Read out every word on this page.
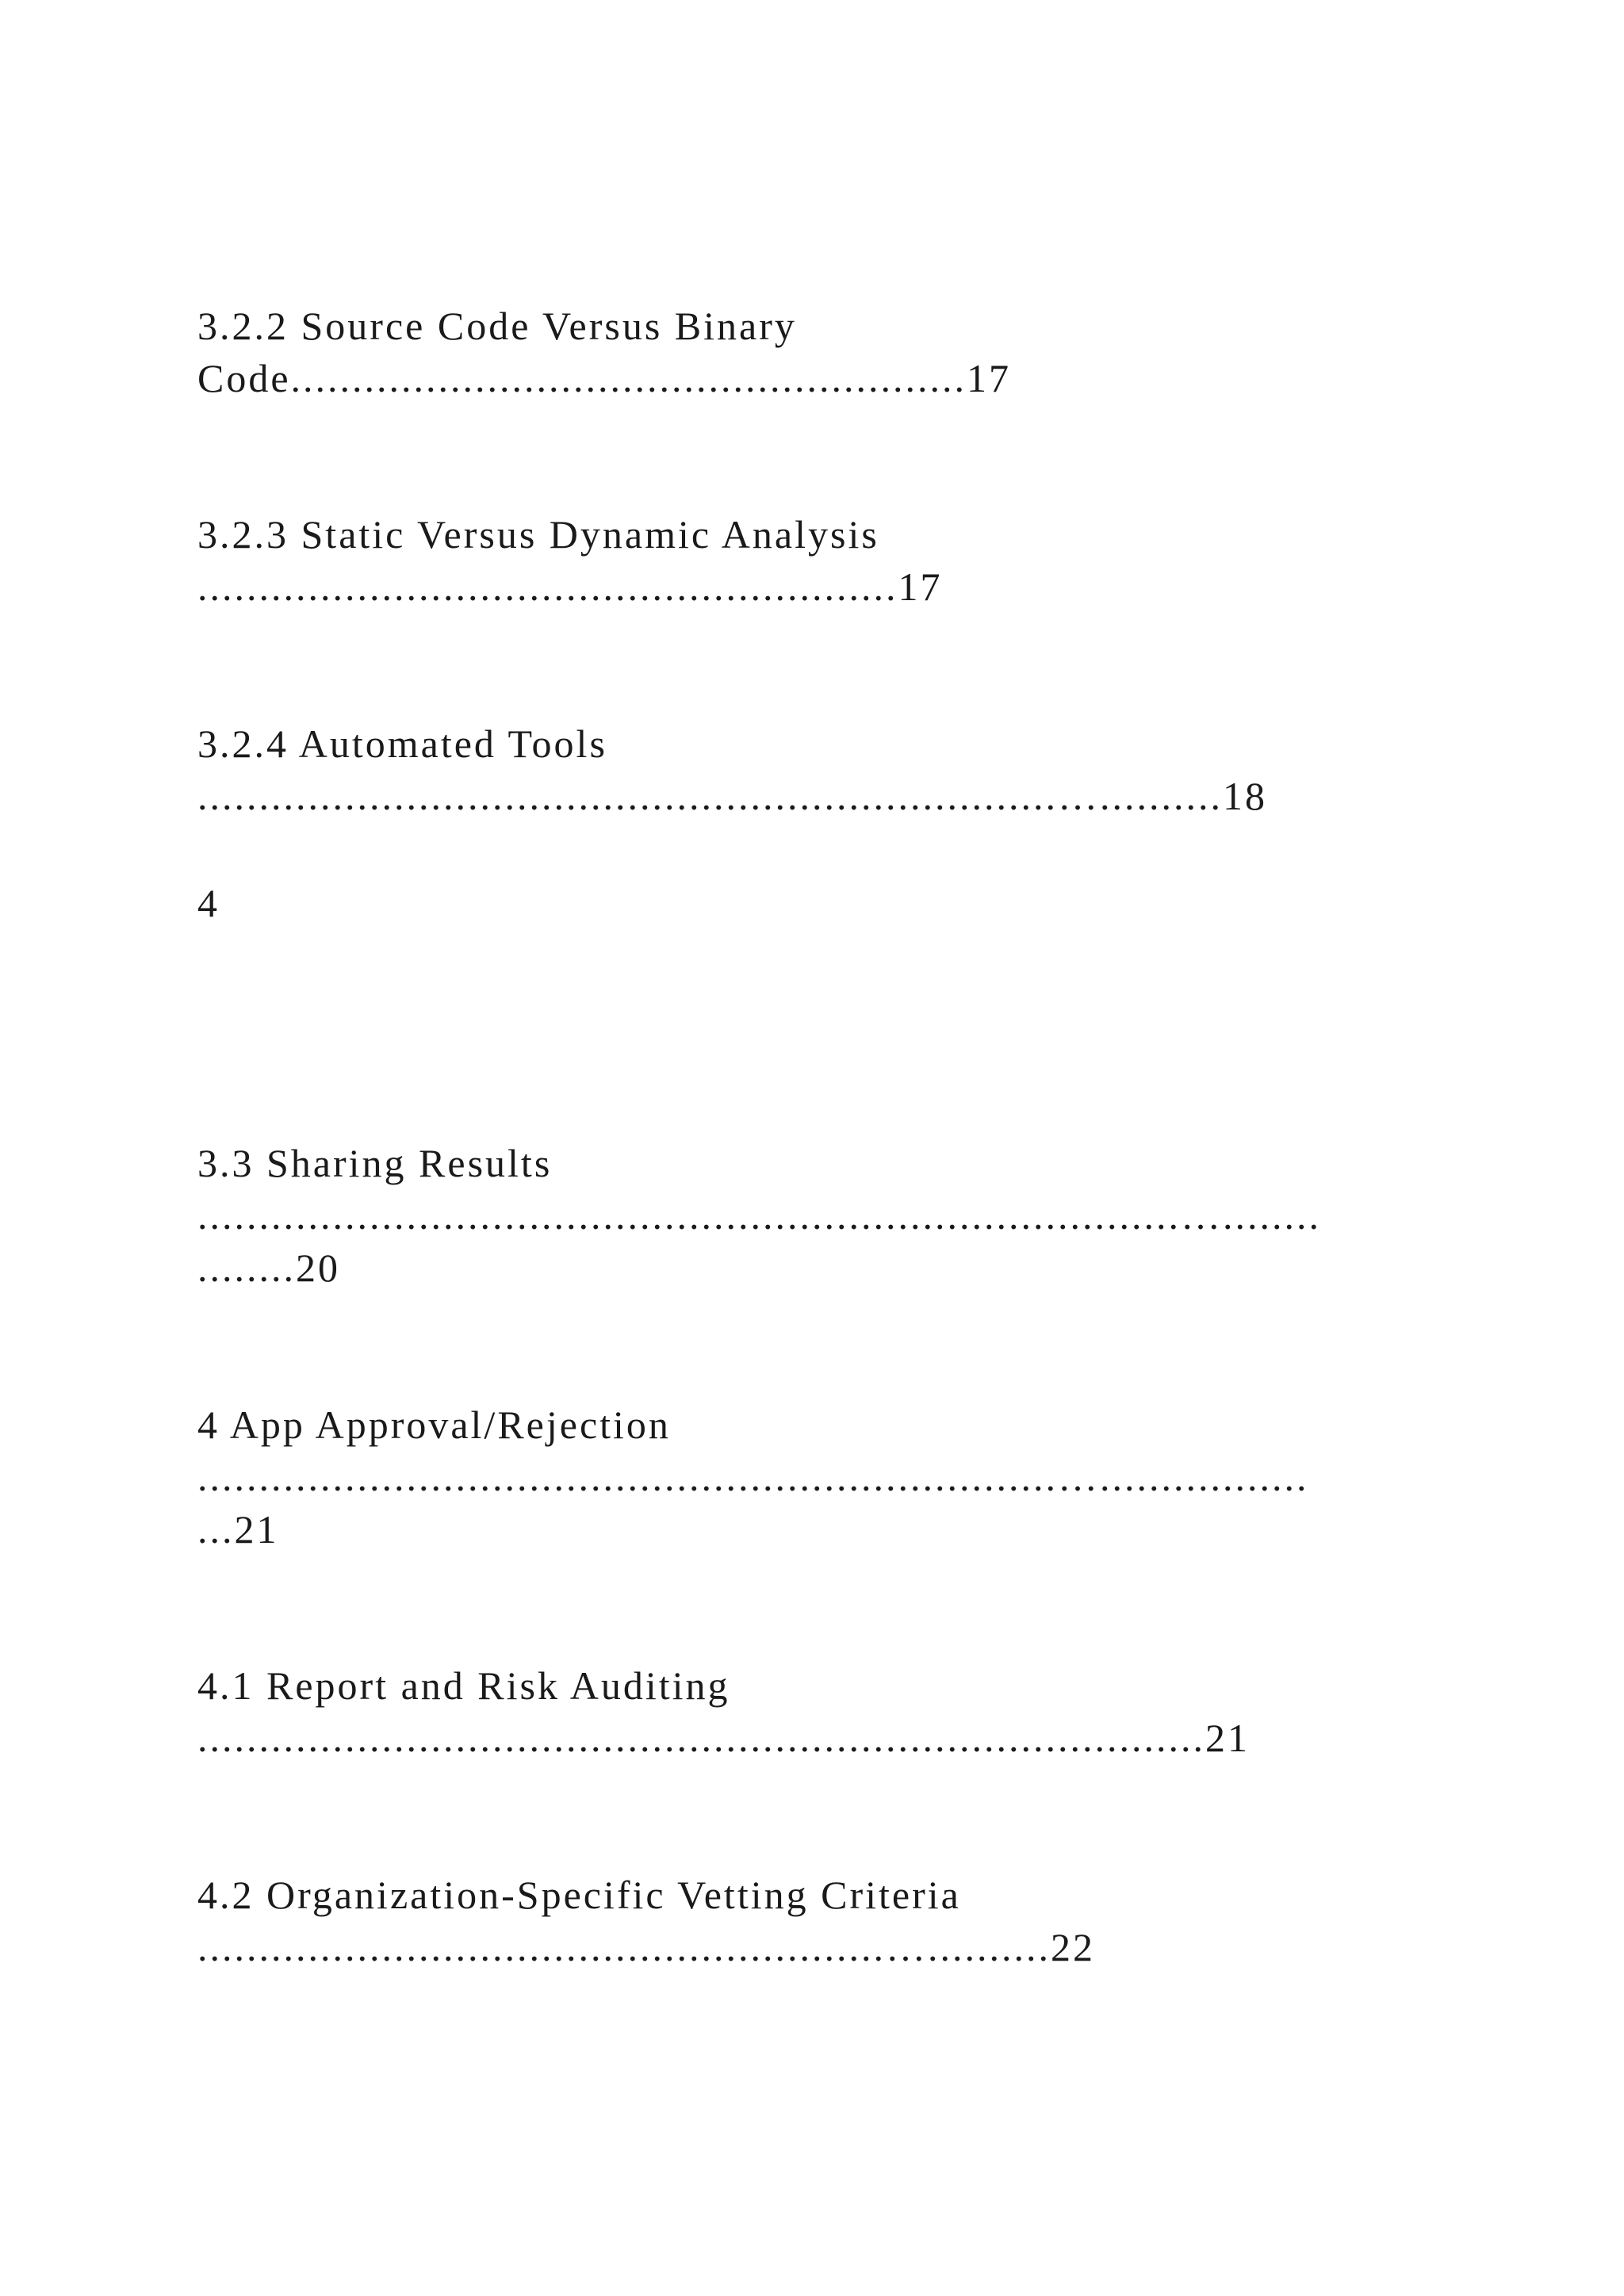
3.2.2 Source Code Versus Binary

Code.......................................................17

3.2.3 Static Versus Dynamic Analysis

.........................................................17

3.2.4 Automated Tools

......................................................................…..........18

4

3.3 Sharing Results

................................................................................…........

........20

4 App Approval/Rejection

......................................................................….................

...21

4.1 Report and Risk Auditing

..................................................................................21

4.2 Organization-Specific Vetting Criteria

........................................................…..........22
